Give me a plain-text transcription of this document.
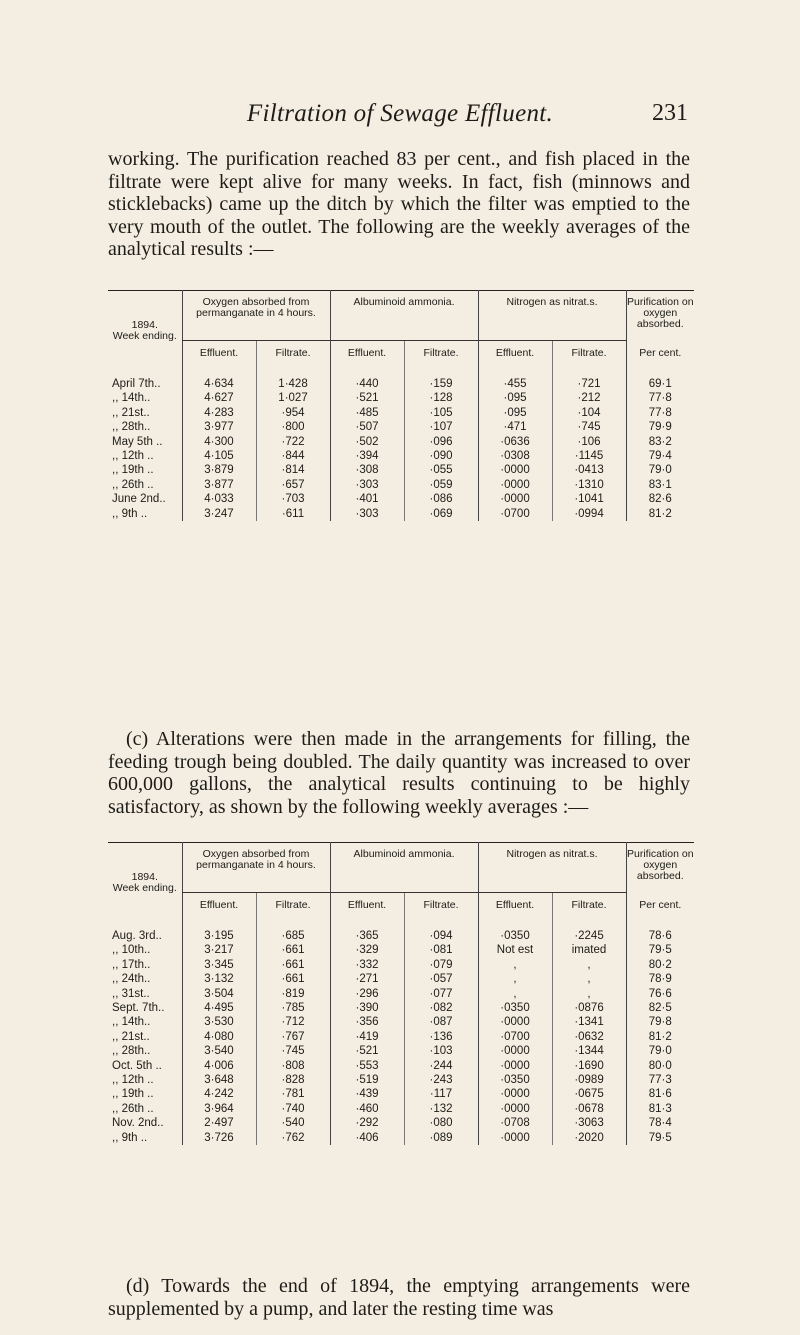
Filtration of Sewage Effluent.	231

working. The purification reached 83 per cent., and fish placed in the filtrate were kept alive for many weeks. In fact, fish (minnows and sticklebacks) came up the ditch by which the filter was emptied to the very mouth of the outlet. The following are the weekly averages of the analytical results :—

1894.
Week ending.	Oxygen absorbed from permanganate in 4 hours.		Albuminoid ammonia.		Nitrogen as nitrat.s.		Purification on oxygen absorbed.
	Effluent.	Filtrate.	Effluent.	Filtrate.	Effluent.	Filtrate.	Per cent.

April 7th..	4·634	1·428	·440	·159	·455	·721	69·1
,, 14th..	4·627	1·027	·521	·128	·095	·212	77·8
,, 21st..	4·283	·954	·485	·105	·095	·104	77·8
,, 28th..	3·977	·800	·507	·107	·471	·745	79·9
May 5th ..	4·300	·722	·502	·096	·0636	·106	83·2
,, 12th ..	4·105	·844	·394	·090	·0308	·1145	79·4
,, 19th ..	3·879	·814	·308	·055	·0000	·0413	79·0
,, 26th ..	3·877	·657	·303	·059	·0000	·1310	83·1
June 2nd..	4·033	·703	·401	·086	·0000	·1041	82·6
,, 9th ..	3·247	·611	·303	·069	·0700	·0994	81·2

(c) Alterations were then made in the arrangements for filling, the feeding trough being doubled. The daily quantity was increased to over 600,000 gallons, the analytical results continuing to be highly satisfactory, as shown by the following weekly averages :—

1894.
Week ending.	Oxygen absorbed from permanganate in 4 hours.		Albuminoid ammonia.		Nitrogen as nitrat.s.		Purification on oxygen absorbed.
	Effluent.	Filtrate.	Effluent.	Filtrate.	Effluent.	Filtrate.	Per cent.

Aug. 3rd..	3·195	·685	·365	·094	·0350	·2245	78·6
,, 10th..	3·217	·661	·329	·081	Not est	imated	79·5
,, 17th..	3·345	·661	·332	·079	,	,	80·2
,, 24th..	3·132	·661	·271	·057	,	,	78·9
,, 31st..	3·504	·819	·296	·077	,	,	76·6
Sept. 7th..	4·495	·785	·390	·082	·0350	·0876	82·5
,, 14th..	3·530	·712	·356	·087	·0000	·1341	79·8
,, 21st..	4·080	·767	·419	·136	·0700	·0632	81·2
,, 28th..	3·540	·745	·521	·103	·0000	·1344	79·0
Oct. 5th ..	4·006	·808	·553	·244	·0000	·1690	80·0
,, 12th ..	3·648	·828	·519	·243	·0350	·0989	77·3
,, 19th ..	4·242	·781	·439	·117	·0000	·0675	81·6
,, 26th ..	3·964	·740	·460	·132	·0000	·0678	81·3
Nov. 2nd..	2·497	·540	·292	·080	·0708	·3063	78·4
,, 9th ..	3·726	·762	·406	·089	·0000	·2020	79·5

(d) Towards the end of 1894, the emptying arrangements were supplemented by a pump, and later the resting time was
